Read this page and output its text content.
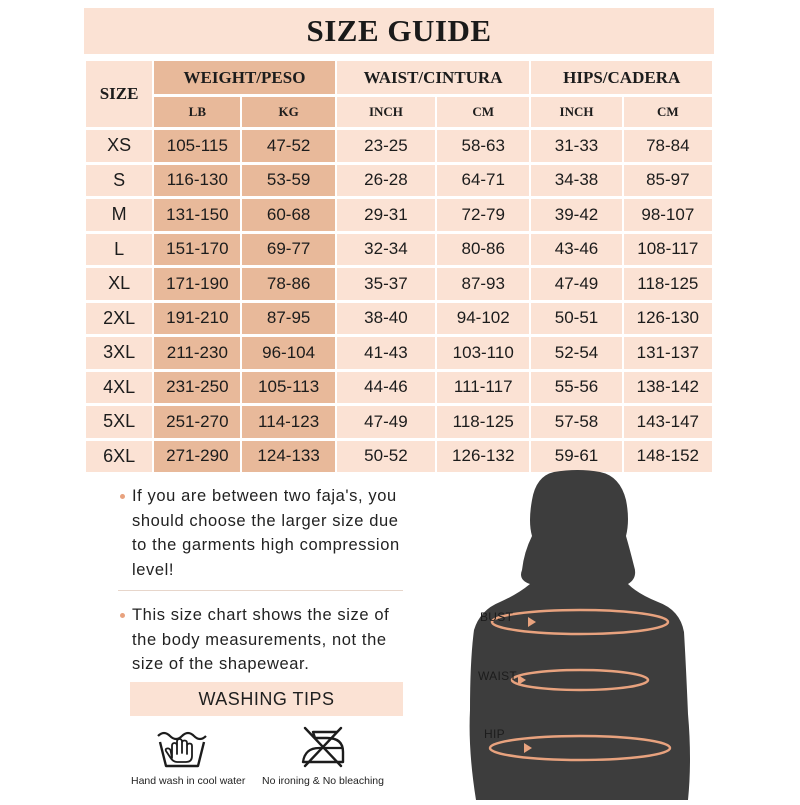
SIZE GUIDE
SIZE	WEIGHT/PESO		WAIST/CINTURA		HIPS/CADERA	
	LB	KG	INCH	CM	INCH	CM
XS	105-115	47-52	23-25	58-63	31-33	78-84
S	116-130	53-59	26-28	64-71	34-38	85-97
M	131-150	60-68	29-31	72-79	39-42	98-107
L	151-170	69-77	32-34	80-86	43-46	108-117
XL	171-190	78-86	35-37	87-93	47-49	118-125
2XL	191-210	87-95	38-40	94-102	50-51	126-130
3XL	211-230	96-104	41-43	103-110	52-54	131-137
4XL	231-250	105-113	44-46	111-117	55-56	138-142
5XL	251-270	114-123	47-49	118-125	57-58	143-147
6XL	271-290	124-133	50-52	126-132	59-61	148-152
If you are between two faja's, you should choose the larger size due to the garments high compression level!
This size chart shows the size of the body measurements, not the size of the shapewear.
WASHING TIPS
Hand wash in cool water No ironing & No bleaching
BUST
WAIST
HIP
